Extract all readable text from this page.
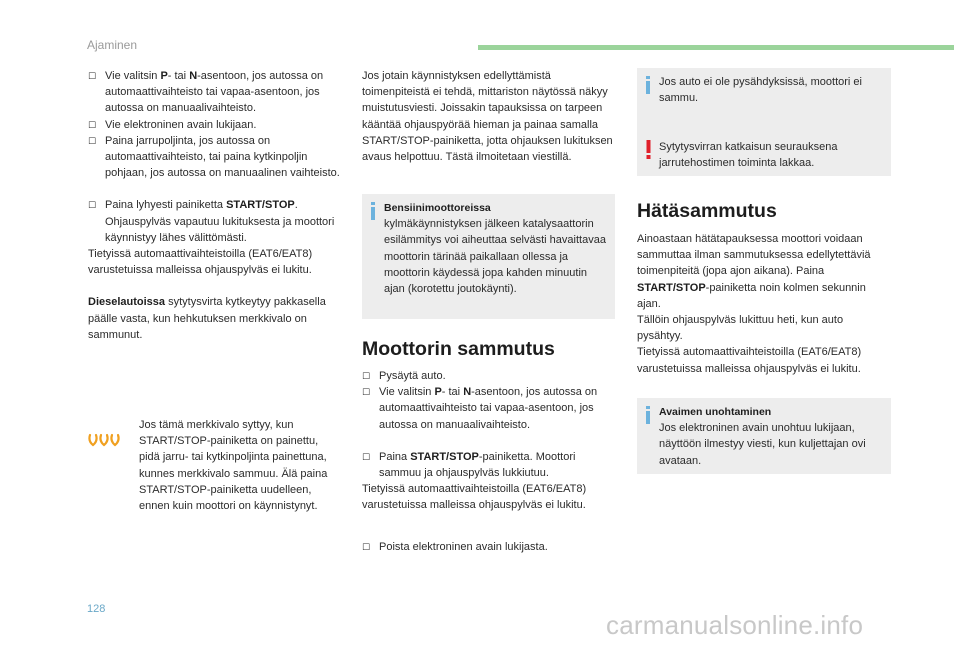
Ajaminen
☐ Vie valitsin P- tai N-asentoon, jos autossa on automaattivaihteisto tai vapaa-asentoon, jos autossa on manuaalivaihteisto.
☐ Vie elektroninen avain lukijaan.
☐ Paina jarrupoljinta, jos autossa on automaattivaihteisto, tai paina kytkinpoljin pohjaan, jos autossa on manuaalinen vaihteisto.
☐ Paina lyhyesti painiketta START/STOP. Ohjauspylväs vapautuu lukituksesta ja moottori käynnistyy lähes välittömästi.

Tietyissä automaattivaihteistoilla (EAT6/EAT8) varustetuissa malleissa ohjauspylväs ei lukitu.

Dieselautoissa sytytysvirta kytkeytyy pakkasella päälle vasta, kun hehkutuksen merkkivalo on sammunut.

Jos tämä merkkivalo syttyy, kun START/STOP-painiketta on painettu, pidä jarru- tai kytkinpoljinta painettuna, kunnes merkkivalo sammuu. Älä paina START/STOP-painiketta uudelleen, ennen kuin moottori on käynnistynyt.

Jos jotain käynnistyksen edellyttämistä toimenpiteistä ei tehdä, mittariston näytössä näkyy muistutusviesti. Joissakin tapauksissa on tarpeen kääntää ohjauspyörää hieman ja painaa samalla START/STOP-painiketta, jotta ohjauksen lukituksen avaus helpottuu. Tästä ilmoitetaan viestillä.

Bensiinimoottoreissa
kylmäkäynnistyksen jälkeen katalysaattorin esilämmitys voi aiheuttaa selvästi havaittavaa moottorin tärinää paikallaan ollessa ja moottorin käydessä jopa kahden minuutin ajan (korotettu joutokäynti).
Moottorin sammutus
☐ Pysäytä auto.
☐ Vie valitsin P- tai N-asentoon, jos autossa on automaattivaihteisto tai vapaa-asentoon, jos autossa on manuaalivaihteisto.
☐ Paina START/STOP-painiketta. Moottori sammuu ja ohjauspylväs lukkiutuu.

Tietyissä automaattivaihteistoilla (EAT6/EAT8) varustetuissa malleissa ohjauspylväs ei lukitu.

☐ Poista elektroninen avain lukijasta.
Jos auto ei ole pysähdyksissä, moottori ei sammu.
Sytytysvirran katkaisun seurauksena jarrutehostimen toiminta lakkaa.
Hätäsammutus

Ainoastaan hätätapauksessa moottori voidaan sammuttaa ilman sammutuksessa edellytettäviä toimenpiteitä (jopa ajon aikana). Paina START/STOP-painiketta noin kolmen sekunnin ajan.

Tällöin ohjauspylväs lukittuu heti, kun auto pysähtyy.

Tietyissä automaattivaihteistoilla (EAT6/EAT8) varustetuissa malleissa ohjauspylväs ei lukitu.

Avaimen unohtaminen
Jos elektroninen avain unohtuu lukijaan, näyttöön ilmestyy viesti, kun kuljettajan ovi avataan.
128
carmanualsonline.info
